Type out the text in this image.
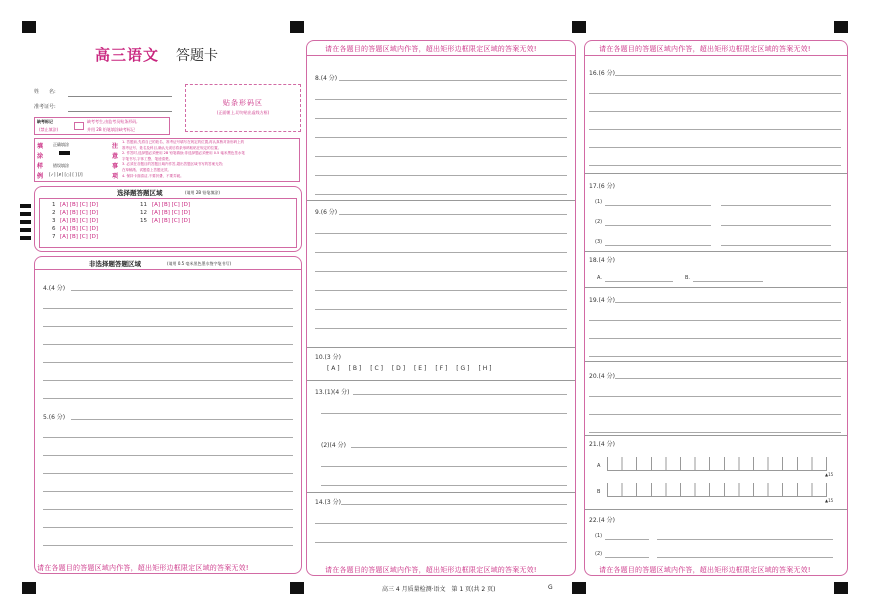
高三语文 答题卡
姓　　名:
准考证号:	贴条形码区
(正面朝上,切勿贴出虚线方框)
缺考标记
(禁止填涂)
缺考考生,由监考员贴条形码,
并用 2B 铅笔填涂缺考标记
填
涂
样
例
正确填涂
错误填涂
[✓] [✗] [○] [ ] [/]
注
意
事
项
1. 答题前,先将自己的姓名、准考证号填写在规定的位置,再认真核对条形码上的
准考证号、姓名及科目,确认无误后将条形码粘贴在规定的位置。
2. 作答时,选择题必须使用 2B 铅笔填涂;非选择题必须使用 0.5 毫米黑色签水笔
字笔书写,字体工整、笔迹清楚。
3. 必须在各题目的答题区域内作答,超出答题区域书写的答案无效;
在草稿纸、试题卷上答题无效。
4. 保持卡面清洁,不要折叠、不要弄破。
选择题答题区域	(请用 2B 铅笔填涂)
1 [A] [B] [C] [D]
2 [A] [B] [C] [D]
3 [A] [B] [C] [D]
6 [A] [B] [C] [D]
7 [A] [B] [C] [D]
11 [A] [B] [C] [D]
12 [A] [B] [C] [D]
15 [A] [B] [C] [D]
非选择题答题区域	(请用 0.5 毫米黑色墨水签字笔书写)
4.(4 分)
5.(6 分)
请在各题目的答题区域内作答，超出矩形边框限定区域的答案无效!
请在各题目的答题区域内作答，超出矩形边框限定区域的答案无效!
8.(4 分)
9.(6 分)
10.(3 分)
[ A ] [ B ] [ C ] [ D ] [ E ] [ F ] [ G ] [ H ]
13.(1)(4 分)
(2)(4 分)
14.(3 分)
请在各题目的答题区域内作答，超出矩形边框限定区域的答案无效!
请在各题目的答题区域内作答，超出矩形边框限定区域的答案无效!
16.(6 分)
17.(6 分)
(1)
(2)
(3)
18.(4 分)
A.	B.
19.(4 分)
20.(4 分)
21.(4 分)
A
▲15
B
▲15
22.(4 分)
(1)
(2)
请在各题目的答题区域内作答，超出矩形边框限定区域的答案无效!
高三 4 月质量检测·语文　第 1 页(共 2 页)	G
